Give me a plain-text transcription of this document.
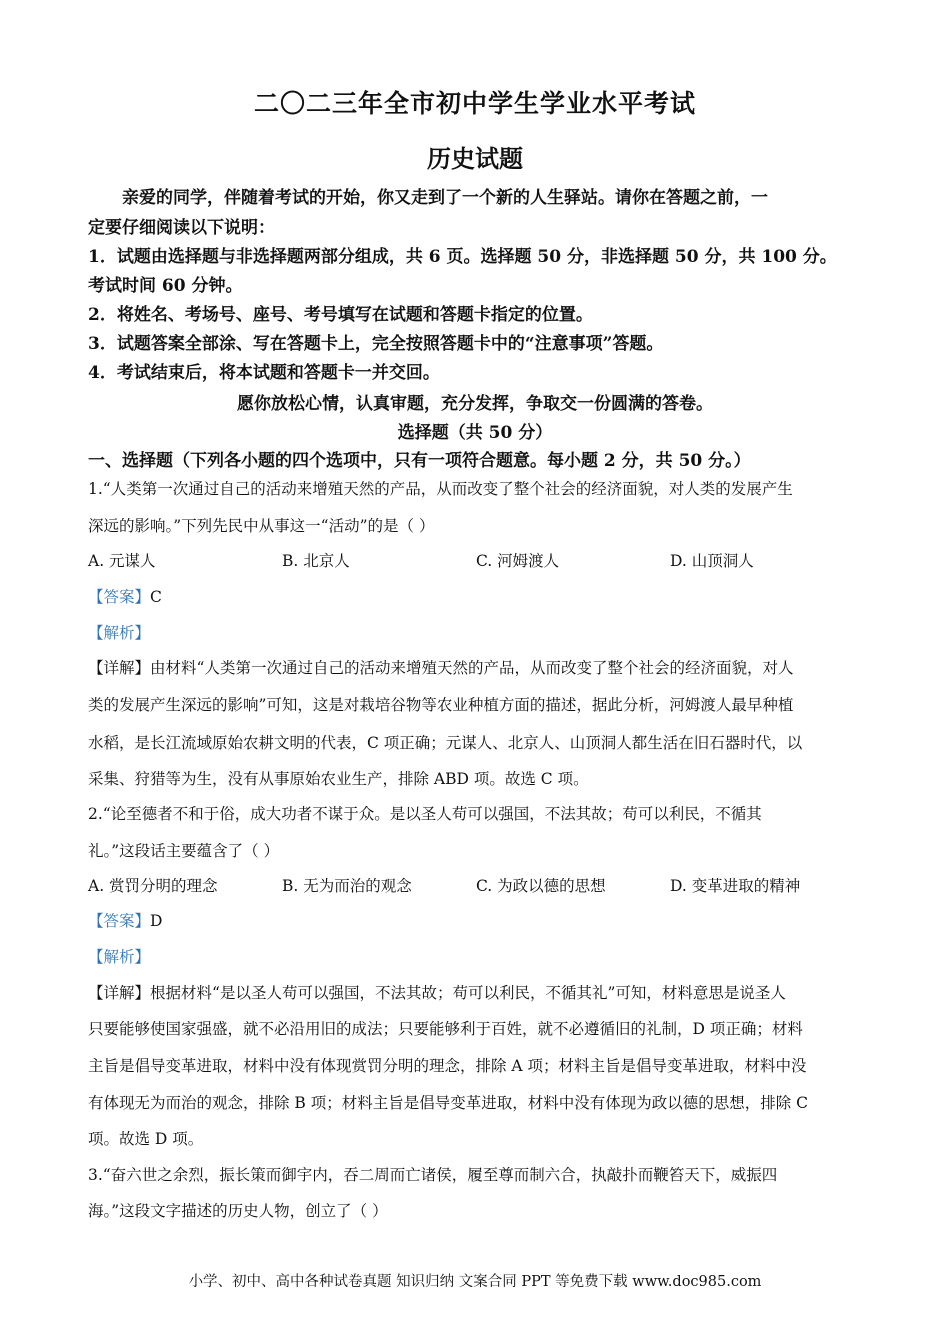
二〇二三年全市初中学生学业水平考试
历史试题
亲爱的同学，伴随着考试的开始，你又走到了一个新的人生驿站。请你在答题之前，一
定要仔细阅读以下说明：
1．试题由选择题与非选择题两部分组成，共 6 页。选择题 50 分，非选择题 50 分，共 100 分。
考试时间 60 分钟。
2．将姓名、考场号、座号、考号填写在试题和答题卡指定的位置。
3．试题答案全部涂、写在答题卡上，完全按照答题卡中的“注意事项”答题。
4．考试结束后，将本试题和答题卡一并交回。
愿你放松心情，认真审题，充分发挥，争取交一份圆满的答卷。
选择题（共 50 分）
一、选择题（下列各小题的四个选项中，只有一项符合题意。每小题 2 分，共 50 分。）
1.“人类第一次通过自己的活动来增殖天然的产品，从而改变了整个社会的经济面貌，对人类的发展产生
深远的影响。”下列先民中从事这一“活动”的是（ ）
A. 元谋人	B. 北京人	C. 河姆渡人	D. 山顶洞人
【答案】C
【解析】
【详解】由材料“人类第一次通过自己的活动来增殖天然的产品，从而改变了整个社会的经济面貌，对人
类的发展产生深远的影响”可知，这是对栽培谷物等农业种植方面的描述，据此分析，河姆渡人最早种植
水稻，是长江流域原始农耕文明的代表，C 项正确；元谋人、北京人、山顶洞人都生活在旧石器时代，以
采集、狩猎等为生，没有从事原始农业生产，排除 ABD 项。故选 C 项。
2.“论至德者不和于俗，成大功者不谋于众。是以圣人苟可以强国，不法其故；苟可以利民，不循其
礼。”这段话主要蕴含了（ ）
A. 赏罚分明的理念	B. 无为而治的观念	C. 为政以德的思想	D. 变革进取的精神
【答案】D
【解析】
【详解】根据材料“是以圣人苟可以强国，不法其故；苟可以利民，不循其礼”可知，材料意思是说圣人
只要能够使国家强盛，就不必沿用旧的成法；只要能够利于百姓，就不必遵循旧的礼制，D 项正确；材料
主旨是倡导变革进取，材料中没有体现赏罚分明的理念，排除 A 项；材料主旨是倡导变革进取，材料中没
有体现无为而治的观念，排除 B 项；材料主旨是倡导变革进取，材料中没有体现为政以德的思想，排除 C
项。故选 D 项。
3.“奋六世之余烈，振长策而御宇内，吞二周而亡诸侯，履至尊而制六合，执敲扑而鞭笞天下，威振四
海。”这段文字描述的历史人物，创立了（ ）
小学、初中、高中各种试卷真题 知识归纳 文案合同 PPT 等免费下载 www.doc985.com
